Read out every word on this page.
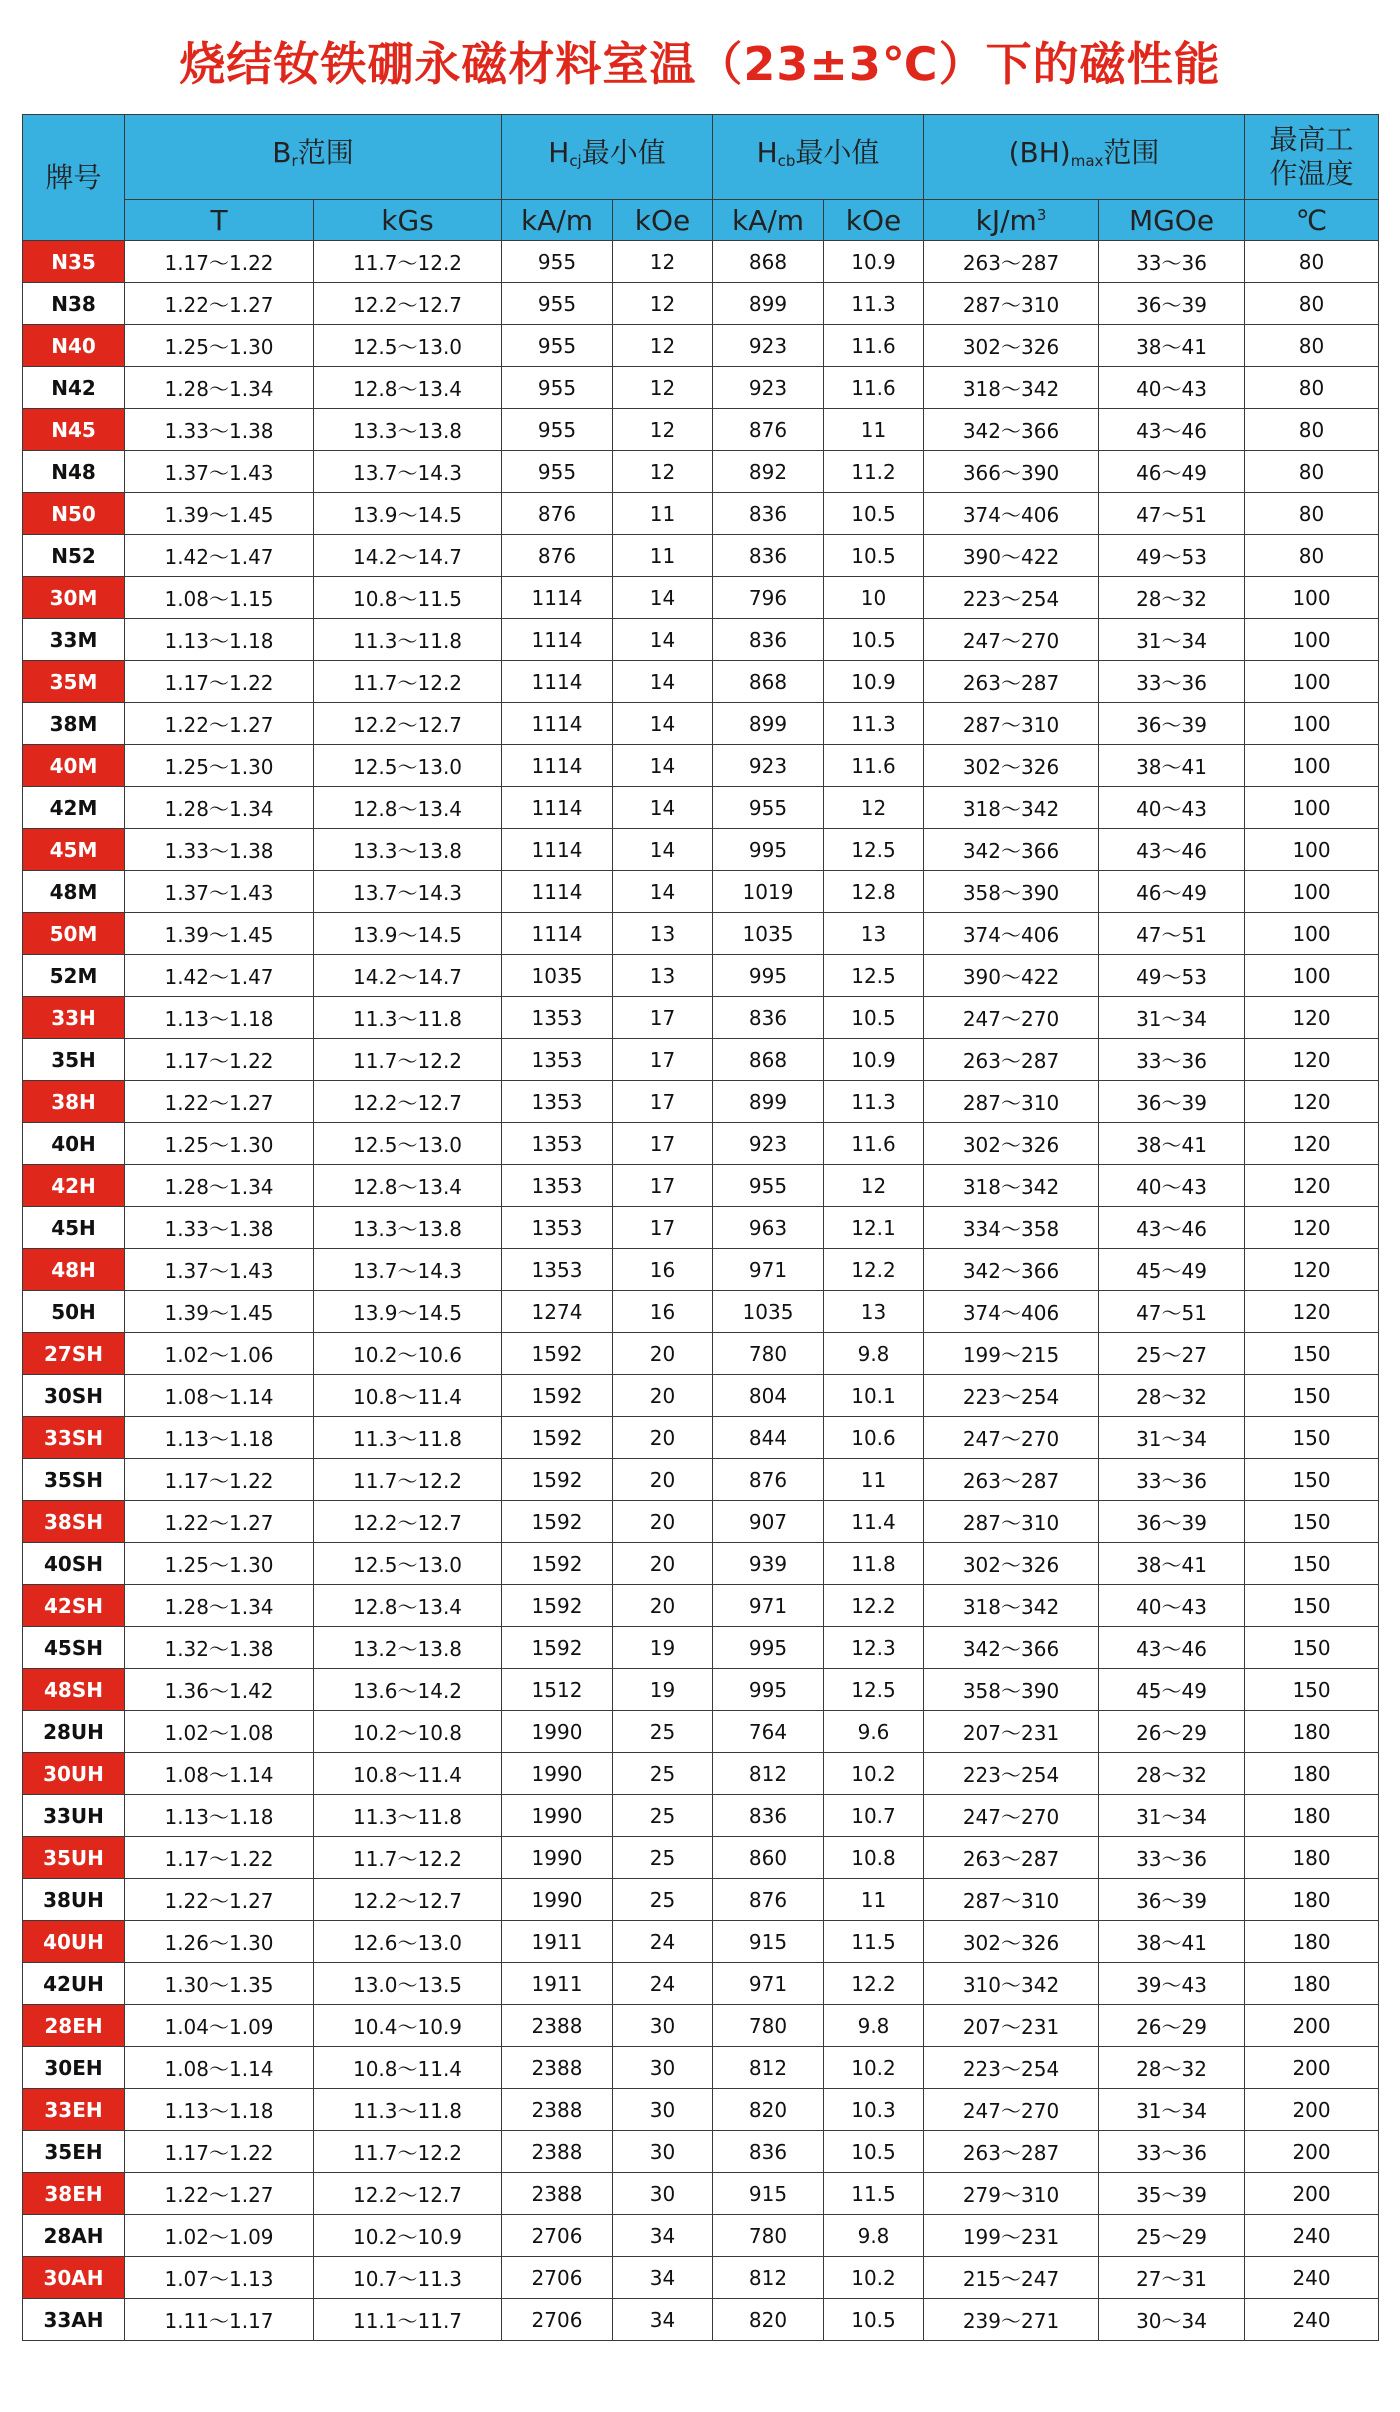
烧结钕铁硼永磁材料室温（23±3℃）下的磁性能
牌号	$B_r$范围		$H_{cj}$最小值		$H_{cb}$最小值		$(BH)_{max}$范围		最高工
作温度
	T	kGs	kA/m	kOe	kA/m	kOe	$kJ/m^3$	MGOe	℃
N35	1.17～1.22	11.7～12.2	955	12	868	10.9	263～287	33～36	80
N38	1.22～1.27	12.2～12.7	955	12	899	11.3	287～310	36～39	80
N40	1.25～1.30	12.5～13.0	955	12	923	11.6	302～326	38～41	80
N42	1.28～1.34	12.8～13.4	955	12	923	11.6	318～342	40～43	80
N45	1.33～1.38	13.3～13.8	955	12	876	11	342～366	43～46	80
N48	1.37～1.43	13.7～14.3	955	12	892	11.2	366～390	46～49	80
N50	1.39～1.45	13.9～14.5	876	11	836	10.5	374～406	47～51	80
N52	1.42～1.47	14.2～14.7	876	11	836	10.5	390～422	49～53	80
30M	1.08～1.15	10.8～11.5	1114	14	796	10	223～254	28～32	100
33M	1.13～1.18	11.3～11.8	1114	14	836	10.5	247～270	31～34	100
35M	1.17～1.22	11.7～12.2	1114	14	868	10.9	263～287	33～36	100
38M	1.22～1.27	12.2～12.7	1114	14	899	11.3	287～310	36～39	100
40M	1.25～1.30	12.5～13.0	1114	14	923	11.6	302～326	38～41	100
42M	1.28～1.34	12.8～13.4	1114	14	955	12	318～342	40～43	100
45M	1.33～1.38	13.3～13.8	1114	14	995	12.5	342～366	43～46	100
48M	1.37～1.43	13.7～14.3	1114	14	1019	12.8	358～390	46～49	100
50M	1.39～1.45	13.9～14.5	1114	13	1035	13	374～406	47～51	100
52M	1.42～1.47	14.2～14.7	1035	13	995	12.5	390～422	49～53	100
33H	1.13～1.18	11.3～11.8	1353	17	836	10.5	247～270	31～34	120
35H	1.17～1.22	11.7～12.2	1353	17	868	10.9	263～287	33～36	120
38H	1.22～1.27	12.2～12.7	1353	17	899	11.3	287～310	36～39	120
40H	1.25～1.30	12.5～13.0	1353	17	923	11.6	302～326	38～41	120
42H	1.28～1.34	12.8～13.4	1353	17	955	12	318～342	40～43	120
45H	1.33～1.38	13.3～13.8	1353	17	963	12.1	334～358	43～46	120
48H	1.37～1.43	13.7～14.3	1353	16	971	12.2	342～366	45～49	120
50H	1.39～1.45	13.9～14.5	1274	16	1035	13	374～406	47～51	120
27SH	1.02～1.06	10.2～10.6	1592	20	780	9.8	199～215	25～27	150
30SH	1.08～1.14	10.8～11.4	1592	20	804	10.1	223～254	28～32	150
33SH	1.13～1.18	11.3～11.8	1592	20	844	10.6	247～270	31～34	150
35SH	1.17～1.22	11.7～12.2	1592	20	876	11	263～287	33～36	150
38SH	1.22～1.27	12.2～12.7	1592	20	907	11.4	287～310	36～39	150
40SH	1.25～1.30	12.5～13.0	1592	20	939	11.8	302～326	38～41	150
42SH	1.28～1.34	12.8～13.4	1592	20	971	12.2	318～342	40～43	150
45SH	1.32～1.38	13.2～13.8	1592	19	995	12.3	342～366	43～46	150
48SH	1.36～1.42	13.6～14.2	1512	19	995	12.5	358～390	45～49	150
28UH	1.02～1.08	10.2～10.8	1990	25	764	9.6	207～231	26～29	180
30UH	1.08～1.14	10.8～11.4	1990	25	812	10.2	223～254	28～32	180
33UH	1.13～1.18	11.3～11.8	1990	25	836	10.7	247～270	31～34	180
35UH	1.17～1.22	11.7～12.2	1990	25	860	10.8	263～287	33～36	180
38UH	1.22～1.27	12.2～12.7	1990	25	876	11	287～310	36～39	180
40UH	1.26～1.30	12.6～13.0	1911	24	915	11.5	302～326	38～41	180
42UH	1.30～1.35	13.0～13.5	1911	24	971	12.2	310～342	39～43	180
28EH	1.04～1.09	10.4～10.9	2388	30	780	9.8	207～231	26～29	200
30EH	1.08～1.14	10.8～11.4	2388	30	812	10.2	223～254	28～32	200
33EH	1.13～1.18	11.3～11.8	2388	30	820	10.3	247～270	31～34	200
35EH	1.17～1.22	11.7～12.2	2388	30	836	10.5	263～287	33～36	200
38EH	1.22～1.27	12.2～12.7	2388	30	915	11.5	279～310	35～39	200
28AH	1.02～1.09	10.2～10.9	2706	34	780	9.8	199～231	25～29	240
30AH	1.07～1.13	10.7～11.3	2706	34	812	10.2	215～247	27～31	240
33AH	1.11～1.17	11.1～11.7	2706	34	820	10.5	239～271	30～34	240
